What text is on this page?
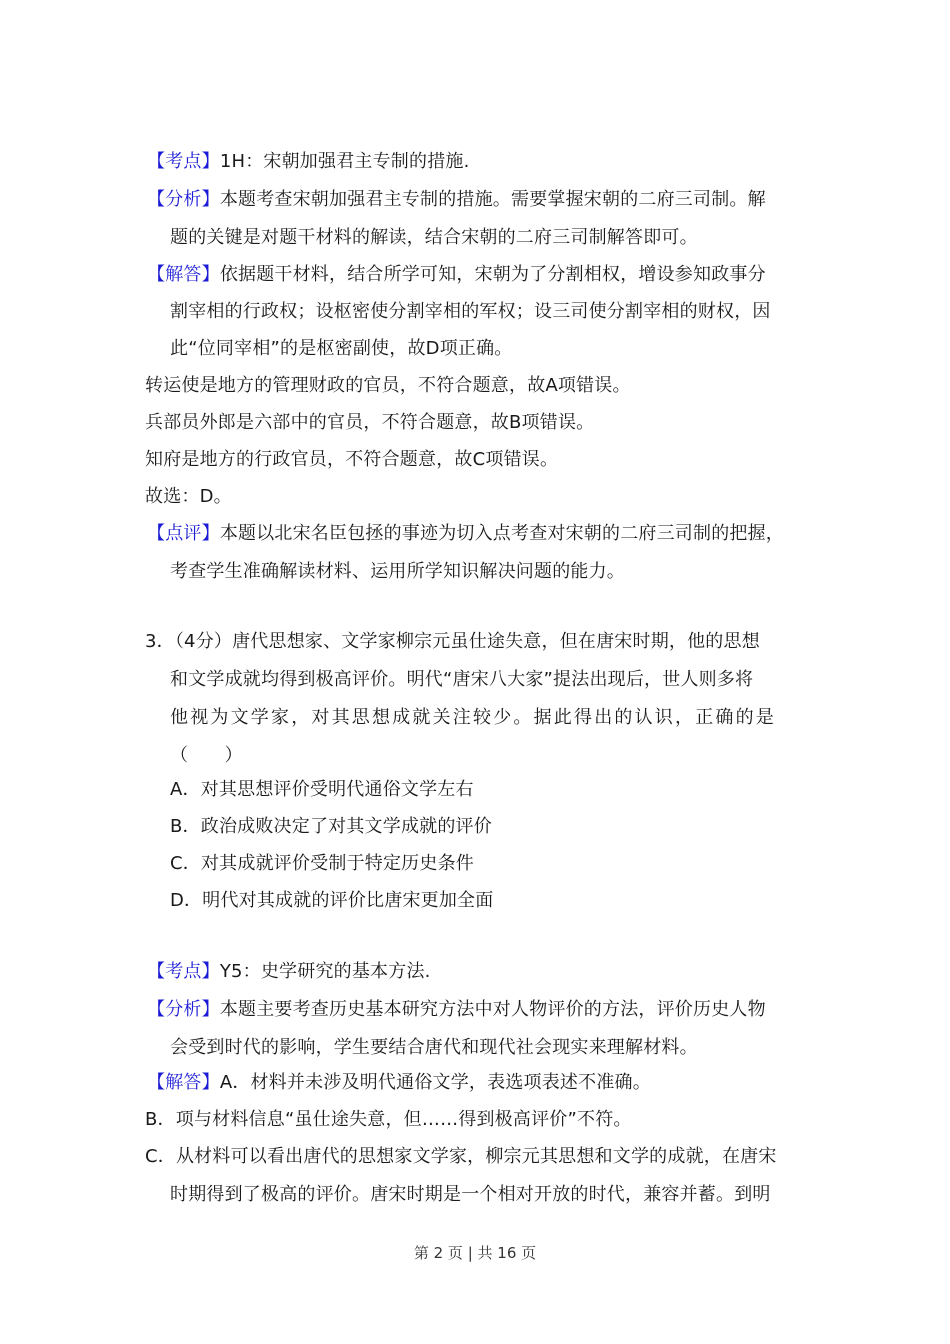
【考点】1H：宋朝加强君主专制的措施.
【分析】本题考查宋朝加强君主专制的措施。需要掌握宋朝的二府三司制。解
题的关键是对题干材料的解读，结合宋朝的二府三司制解答即可。
【解答】依据题干材料，结合所学可知，宋朝为了分割相权，增设参知政事分
割宰相的行政权；设枢密使分割宰相的军权；设三司使分割宰相的财权，因
此“位同宰相”的是枢密副使，故D项正确。
转运使是地方的管理财政的官员，不符合题意，故A项错误。
兵部员外郎是六部中的官员，不符合题意，故B项错误。
知府是地方的行政官员，不符合题意，故C项错误。
故选：D。
【点评】本题以北宋名臣包拯的事迹为切入点考查对宋朝的二府三司制的把握，
考查学生准确解读材料、运用所学知识解决问题的能力。
3．（4分）唐代思想家、文学家柳宗元虽仕途失意，但在唐宋时期，他的思想
和文学成就均得到极高评价。明代“唐宋八大家”提法出现后，世人则多将
他视为文学家，对其思想成就关注较少。据此得出的认识，正确的是
（　　）
A．对其思想评价受明代通俗文学左右
B．政治成败决定了对其文学成就的评价
C．对其成就评价受制于特定历史条件
D．明代对其成就的评价比唐宋更加全面
【考点】Y5：史学研究的基本方法.
【分析】本题主要考查历史基本研究方法中对人物评价的方法，评价历史人物
会受到时代的影响，学生要结合唐代和现代社会现实来理解材料。
【解答】A．材料并未涉及明代通俗文学，表选项表述不准确。
B．项与材料信息“虽仕途失意，但……得到极高评价”不符。
C．从材料可以看出唐代的思想家文学家，柳宗元其思想和文学的成就，在唐宋
时期得到了极高的评价。唐宋时期是一个相对开放的时代，兼容并蓄。到明
第 2 页 | 共 16 页
